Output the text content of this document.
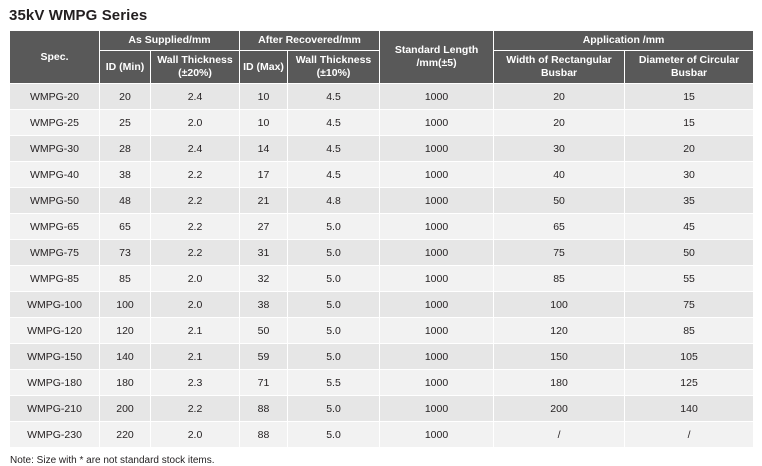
35kV WMPG Series
Spec.	As Supplied/mm		After Recovered/mm		Standard Length /mm(±5)	Application /mm	
	ID (Min)	Wall Thickness (±20%)	ID (Max)	Wall Thickness (±10%)		Width of Rectangular Busbar	Diameter of Circular Busbar
WMPG-20	20	2.4	10	4.5	1000	20	15
WMPG-25	25	2.0	10	4.5	1000	20	15
WMPG-30	28	2.4	14	4.5	1000	30	20
WMPG-40	38	2.2	17	4.5	1000	40	30
WMPG-50	48	2.2	21	4.8	1000	50	35
WMPG-65	65	2.2	27	5.0	1000	65	45
WMPG-75	73	2.2	31	5.0	1000	75	50
WMPG-85	85	2.0	32	5.0	1000	85	55
WMPG-100	100	2.0	38	5.0	1000	100	75
WMPG-120	120	2.1	50	5.0	1000	120	85
WMPG-150	140	2.1	59	5.0	1000	150	105
WMPG-180	180	2.3	71	5.5	1000	180	125
WMPG-210	200	2.2	88	5.0	1000	200	140
WMPG-230	220	2.0	88	5.0	1000	/	/
Note: Size with * are not standard stock items.
